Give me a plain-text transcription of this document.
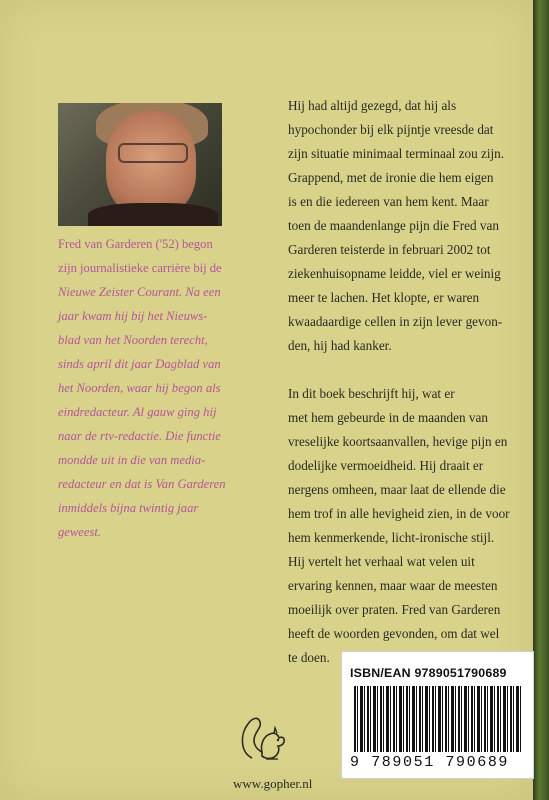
Fred van Garderen ('52) begon
zijn journalistieke carrière bij de
Nieuwe Zeister Courant. Na een
jaar kwam hij bij het Nieuws-
blad van het Noorden terecht,
sinds april dit jaar Dagblad van
het Noorden, waar hij begon als
eindredacteur. Al gauw ging hij
naar de rtv-redactie. Die functie
mondde uit in die van media-
redacteur en dat is Van Garderen
inmiddels bijna twintig jaar
geweest.

Hij had altijd gezegd, dat hij als
hypochonder bij elk pijntje vreesde dat
zijn situatie minimaal terminaal zou zijn.
Grappend, met de ironie die hem eigen
is en die iedereen van hem kent. Maar
toen de maandenlange pijn die Fred van
Garderen teisterde in februari 2002 tot
ziekenhuisopname leidde, viel er weinig
meer te lachen. Het klopte, er waren
kwaadaardige cellen in zijn lever gevon-
den, hij had kanker.

In dit boek beschrijft hij, wat er
met hem gebeurde in de maanden van
vreselijke koortsaanvallen, hevige pijn en
dodelijke vermoeidheid. Hij draait er
nergens omheen, maar laat de ellende die
hem trof in alle hevigheid zien, in de voor
hem kenmerkende, licht-ironische stijl.
Hij vertelt het verhaal wat velen uit
ervaring kennen, maar waar de meesten
moeilijk over praten. Fred van Garderen
heeft de woorden gevonden, om dat wel
te doen.

ISBN/EAN 9789051790689
9 789051 790689
www.gopher.nl
